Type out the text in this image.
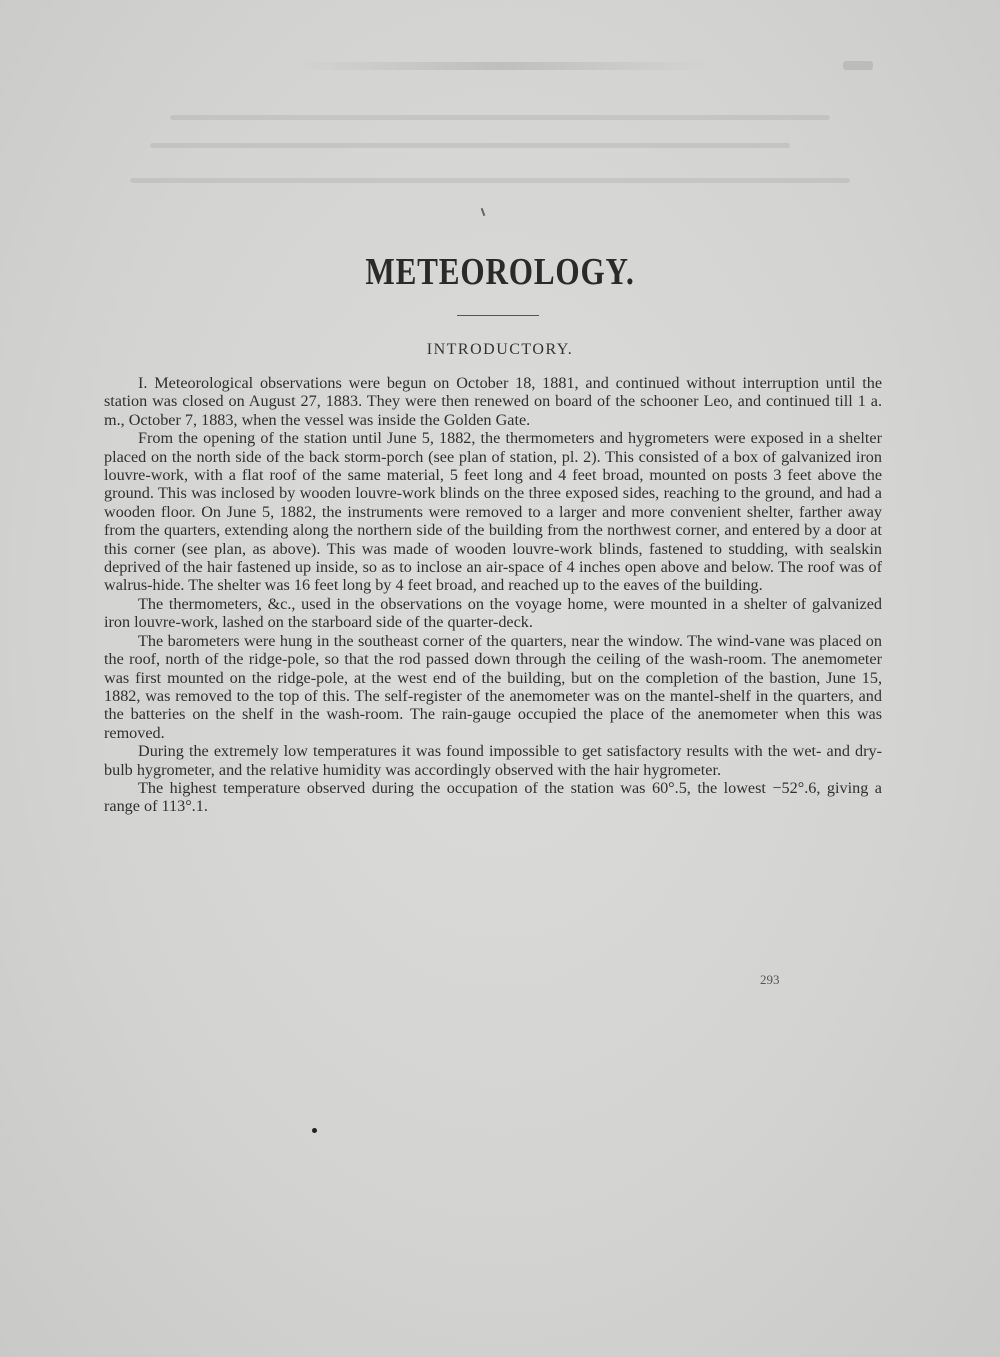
METEOROLOGY.
INTRODUCTORY.

I. Meteorological observations were begun on October 18, 1881, and continued without interruption until the station was closed on August 27, 1883. They were then renewed on board of the schooner Leo, and continued till 1 a. m., October 7, 1883, when the vessel was inside the Golden Gate.

From the opening of the station until June 5, 1882, the thermometers and hygrometers were exposed in a shelter placed on the north side of the back storm-porch (see plan of station, pl. 2). This consisted of a box of galvanized iron louvre-work, with a flat roof of the same material, 5 feet long and 4 feet broad, mounted on posts 3 feet above the ground. This was inclosed by wooden louvre-work blinds on the three exposed sides, reaching to the ground, and had a wooden floor. On June 5, 1882, the instruments were removed to a larger and more convenient shelter, farther away from the quarters, extending along the northern side of the building from the northwest corner, and entered by a door at this corner (see plan, as above). This was made of wooden louvre-work blinds, fastened to studding, with sealskin deprived of the hair fastened up inside, so as to inclose an air-space of 4 inches open above and below. The roof was of walrus-hide. The shelter was 16 feet long by 4 feet broad, and reached up to the eaves of the building.

The thermometers, &c., used in the observations on the voyage home, were mounted in a shelter of galvanized iron louvre-work, lashed on the starboard side of the quarter-deck.

The barometers were hung in the southeast corner of the quarters, near the window. The wind-vane was placed on the roof, north of the ridge-pole, so that the rod passed down through the ceiling of the wash-room. The anemometer was first mounted on the ridge-pole, at the west end of the building, but on the completion of the bastion, June 15, 1882, was removed to the top of this. The self-register of the anemometer was on the mantel-shelf in the quarters, and the batteries on the shelf in the wash-room. The rain-gauge occupied the place of the anemometer when this was removed.

During the extremely low temperatures it was found impossible to get satisfactory results with the wet- and dry-bulb hygrometer, and the relative humidity was accordingly observed with the hair hygrometer.

The highest temperature observed during the occupation of the station was 60°.5, the lowest −52°.6, giving a range of 113°.1.

293
